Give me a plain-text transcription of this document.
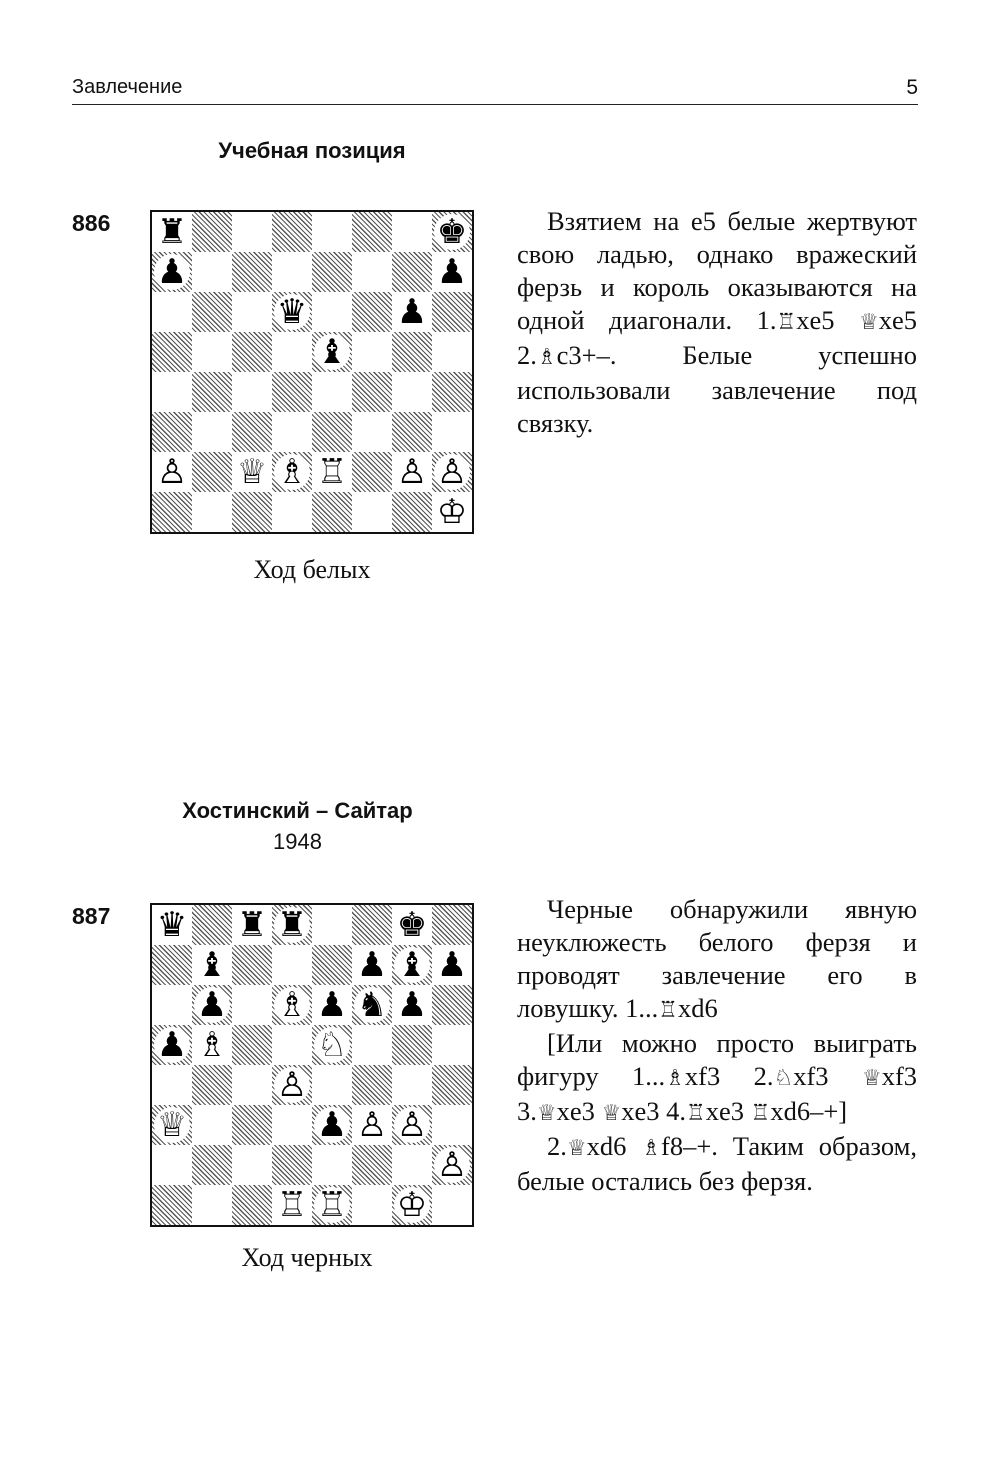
Завлечение	5
Учебная позиция
886 ♜	♚
♟	♟
♛	♟
♝
♙ ♕ ♗ ♖ ♙ ♙
♔
Ход белых

Взятием на е5 белые жертвуют свою ладью, однако вражеский ферзь и король оказываются на одной диагонали. 1.♖xe5 ♕xe5 2.♗c3+–. Белые успешно использовали завлечение под связку.

Хостинский – Сайтар
1948
887 ♛ ♜ ♜	♚
♝	♟ ♝ ♟
♟ ♗ ♟ ♞ ♟
♟ ♗	♘
♙
♕	♟ ♙ ♙
♙
♖ ♖ ♔
Ход черных

Черные обнаружили явную неуклюжесть белого ферзя и проводят завлечение его в ловушку. 1...♖xd6

[Или можно просто выиграть фигуру 1...♗xf3 2.♘xf3 ♕xf3 3.♕xe3 ♕xe3 4.♖xe3 ♖xd6–+]

2.♕xd6 ♗f8–+. Таким образом, белые остались без ферзя.
